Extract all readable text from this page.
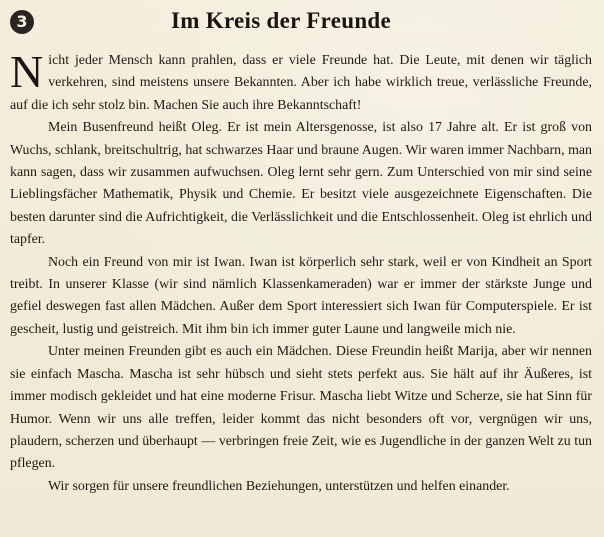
3	Im Kreis der Freunde

Nicht jeder Mensch kann prahlen, dass er viele Freunde hat. Die Leute, mit denen wir täglich verkehren, sind meistens unsere Bekannten. Aber ich habe wirklich treue, verlässliche Freunde, auf die ich sehr stolz bin. Machen Sie auch ihre Bekanntschaft!

Mein Busenfreund heißt Oleg. Er ist mein Altersgenosse, ist also 17 Jahre alt. Er ist groß von Wuchs, schlank, breitschultrig, hat schwarzes Haar und braune Augen. Wir waren immer Nachbarn, man kann sagen, dass wir zusammen aufwuchsen. Oleg lernt sehr gern. Zum Unterschied von mir sind seine Lieblingsfächer Mathematik, Physik und Chemie. Er besitzt viele ausgezeichnete Eigenschaften. Die besten darunter sind die Aufrichtigkeit, die Verlässlichkeit und die Entschlossenheit. Oleg ist ehrlich und tapfer.

Noch ein Freund von mir ist Iwan. Iwan ist körperlich sehr stark, weil er von Kindheit an Sport treibt. In unserer Klasse (wir sind nämlich Klassenkameraden) war er immer der stärkste Junge und gefiel deswegen fast allen Mädchen. Außer dem Sport interessiert sich Iwan für Computerspiele. Er ist gescheit, lustig und geistreich. Mit ihm bin ich immer guter Laune und langweile mich nie.

Unter meinen Freunden gibt es auch ein Mädchen. Diese Freundin heißt Marija, aber wir nennen sie einfach Mascha. Mascha ist sehr hübsch und sieht stets perfekt aus. Sie hält auf ihr Äußeres, ist immer modisch gekleidet und hat eine moderne Frisur. Mascha liebt Witze und Scherze, sie hat Sinn für Humor. Wenn wir uns alle treffen, leider kommt das nicht besonders oft vor, vergnügen wir uns, plaudern, scherzen und überhaupt — verbringen freie Zeit, wie es Jugendliche in der ganzen Welt zu tun pflegen.

Wir sorgen für unsere freundlichen Beziehungen, unterstützen und helfen einander.
